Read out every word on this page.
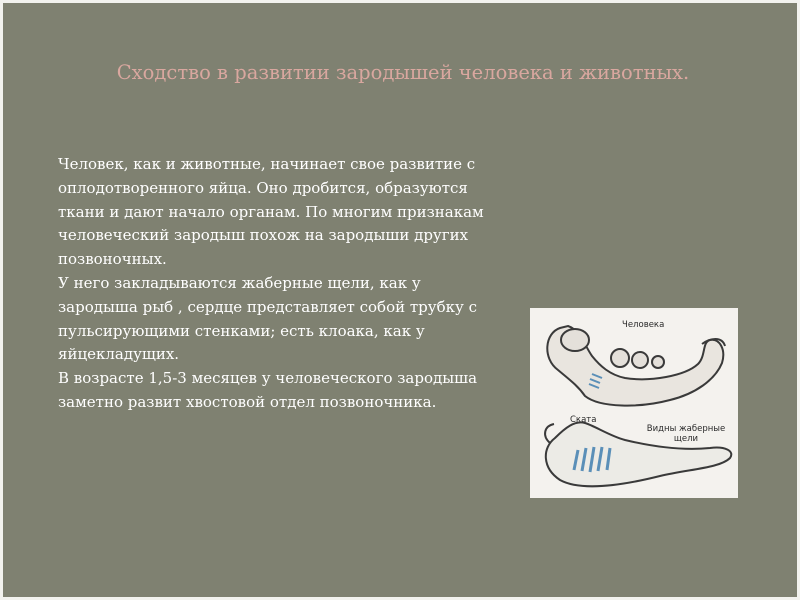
Сходство в развитии зародышей человека и животных.

Человек, как и животные, начинает свое развитие с оплодотворенного яйца. Оно дробится, образуются ткани и дают начало органам. По многим признакам человеческий зародыш похож на зародыши других позвоночных.

У него закладываются жаберные щели, как у зародыша рыб , сердце представляет собой трубку с пульсирующими стенками; есть клоака, как у яйцекладущих.

В возрасте 1,5-3 месяцев у человеческого зародыша заметно развит хвостовой отдел позвоночника.

Человека
Ската
Видны жаберные щели
